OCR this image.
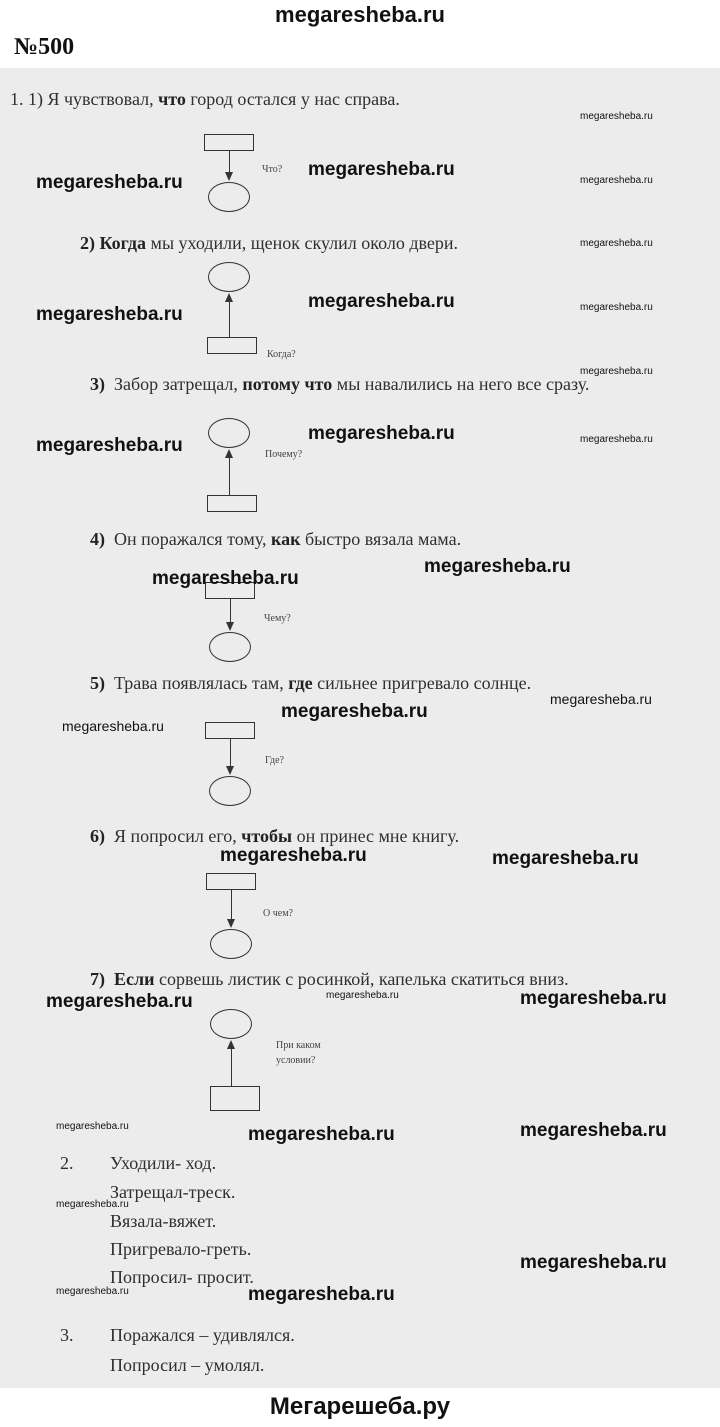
megaresheba.ru
№500
1. 1) Я чувствовал, что город остался у нас справа.
Что?
2) Когда мы уходили, щенок скулил около двери.
Когда?
3) Забор затрещал, потому что мы навалились на него все сразу.
Почему?
4) Он поражался тому, как быстро вязала мама.
Чему?
5) Трава появлялась там, где сильнее пригревало солнце.
Где?
6) Я попросил его, чтобы он принес мне книгу.
О чем?
7) Если сорвешь листик с росинкой, капелька скатиться вниз.
При каком
условии?
2. Уходили- ход.
Затрещал-треск.
Вязала-вяжет.
Пригревало-греть.
Попросил- просит.
3. Поражался – удивлялся.
Попросил – умолял.
megaresheba.ru
megaresheba.ru
megaresheba.ru
megaresheba.ru
megaresheba.ru
megaresheba.ru	megaresheba.ru
megaresheba.ru
megaresheba.ru
megaresheba.ru	megaresheba.ru
megaresheba.ru
megaresheba.ru
megaresheba.ru
megaresheba.ru
megaresheba.ru
megaresheba.ru
megaresheba.ru	megaresheba.ru
megaresheba.ru
megaresheba.ru	megaresheba.ru
megaresheba.ru	megaresheba.ru
megaresheba.ru
megaresheba.ru
megaresheba.ru
megaresheba.ru	megaresheba.ru
Мегарешеба.ру
